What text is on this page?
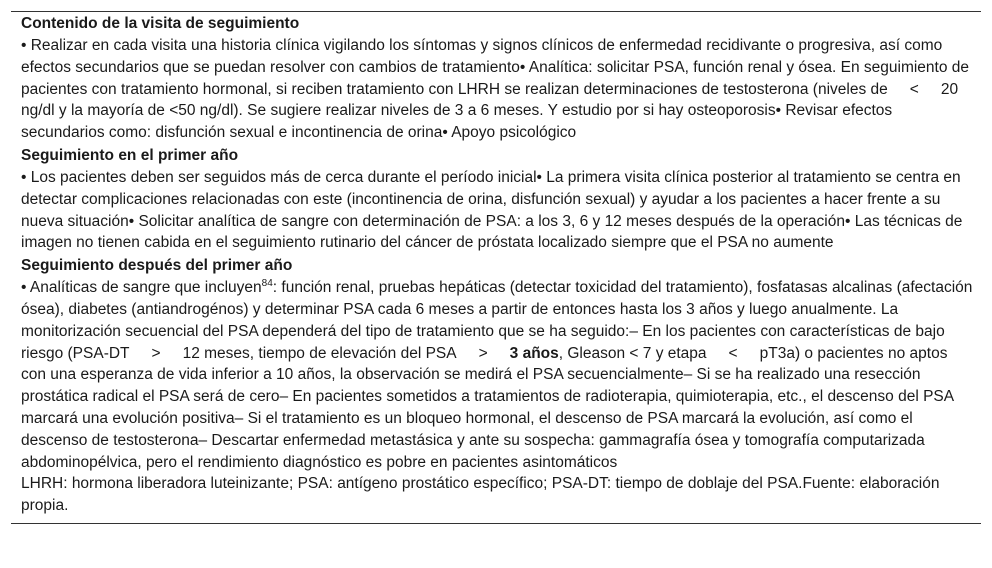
Contenido de la visita de seguimiento
• Realizar en cada visita una historia clínica vigilando los síntomas y signos clínicos de enfermedad recidivante o progresiva, así como efectos secundarios que se puedan resolver con cambios de tratamiento• Analítica: solicitar PSA, función renal y ósea. En seguimiento de pacientes con tratamiento hormonal, si reciben tratamiento con LHRH se realizan determinaciones de testosterona (niveles de < 20 ng/dl y la mayoría de <50 ng/dl). Se sugiere realizar niveles de 3 a 6 meses. Y estudio por si hay osteoporosis• Revisar efectos secundarios como: disfunción sexual e incontinencia de orina• Apoyo psicológico
Seguimiento en el primer año
• Los pacientes deben ser seguidos más de cerca durante el período inicial• La primera visita clínica posterior al tratamiento se centra en detectar complicaciones relacionadas con este (incontinencia de orina, disfunción sexual) y ayudar a los pacientes a hacer frente a su nueva situación• Solicitar analítica de sangre con determinación de PSA: a los 3, 6 y 12 meses después de la operación• Las técnicas de imagen no tienen cabida en el seguimiento rutinario del cáncer de próstata localizado siempre que el PSA no aumente
Seguimiento después del primer año
• Analíticas de sangre que incluyen$^{84}$: función renal, pruebas hepáticas (detectar toxicidad del tratamiento), fosfatasas alcalinas (afectación ósea), diabetes (antiandrogénos) y determinar PSA cada 6 meses a partir de entonces hasta los 3 años y luego anualmente. La monitorización secuencial del PSA dependerá del tipo de tratamiento que se ha seguido:– En los pacientes con características de bajo riesgo (PSA-DT > 12 meses, tiempo de elevación del PSA > 3 años, Gleason < 7 y etapa < pT3a) o pacientes no aptos con una esperanza de vida inferior a 10 años, la observación se medirá el PSA secuencialmente– Si se ha realizado una resección prostática radical el PSA será de cero– En pacientes sometidos a tratamientos de radioterapia, quimioterapia, etc., el descenso del PSA marcará una evolución positiva– Si el tratamiento es un bloqueo hormonal, el descenso de PSA marcará la evolución, así como el descenso de testosterona– Descartar enfermedad metastásica y ante su sospecha: gammagrafía ósea y tomografía computarizada abdominopélvica, pero el rendimiento diagnóstico es pobre en pacientes asintomáticos
LHRH: hormona liberadora luteinizante; PSA: antígeno prostático específico; PSA-DT: tiempo de doblaje del PSA.Fuente: elaboración propia.
